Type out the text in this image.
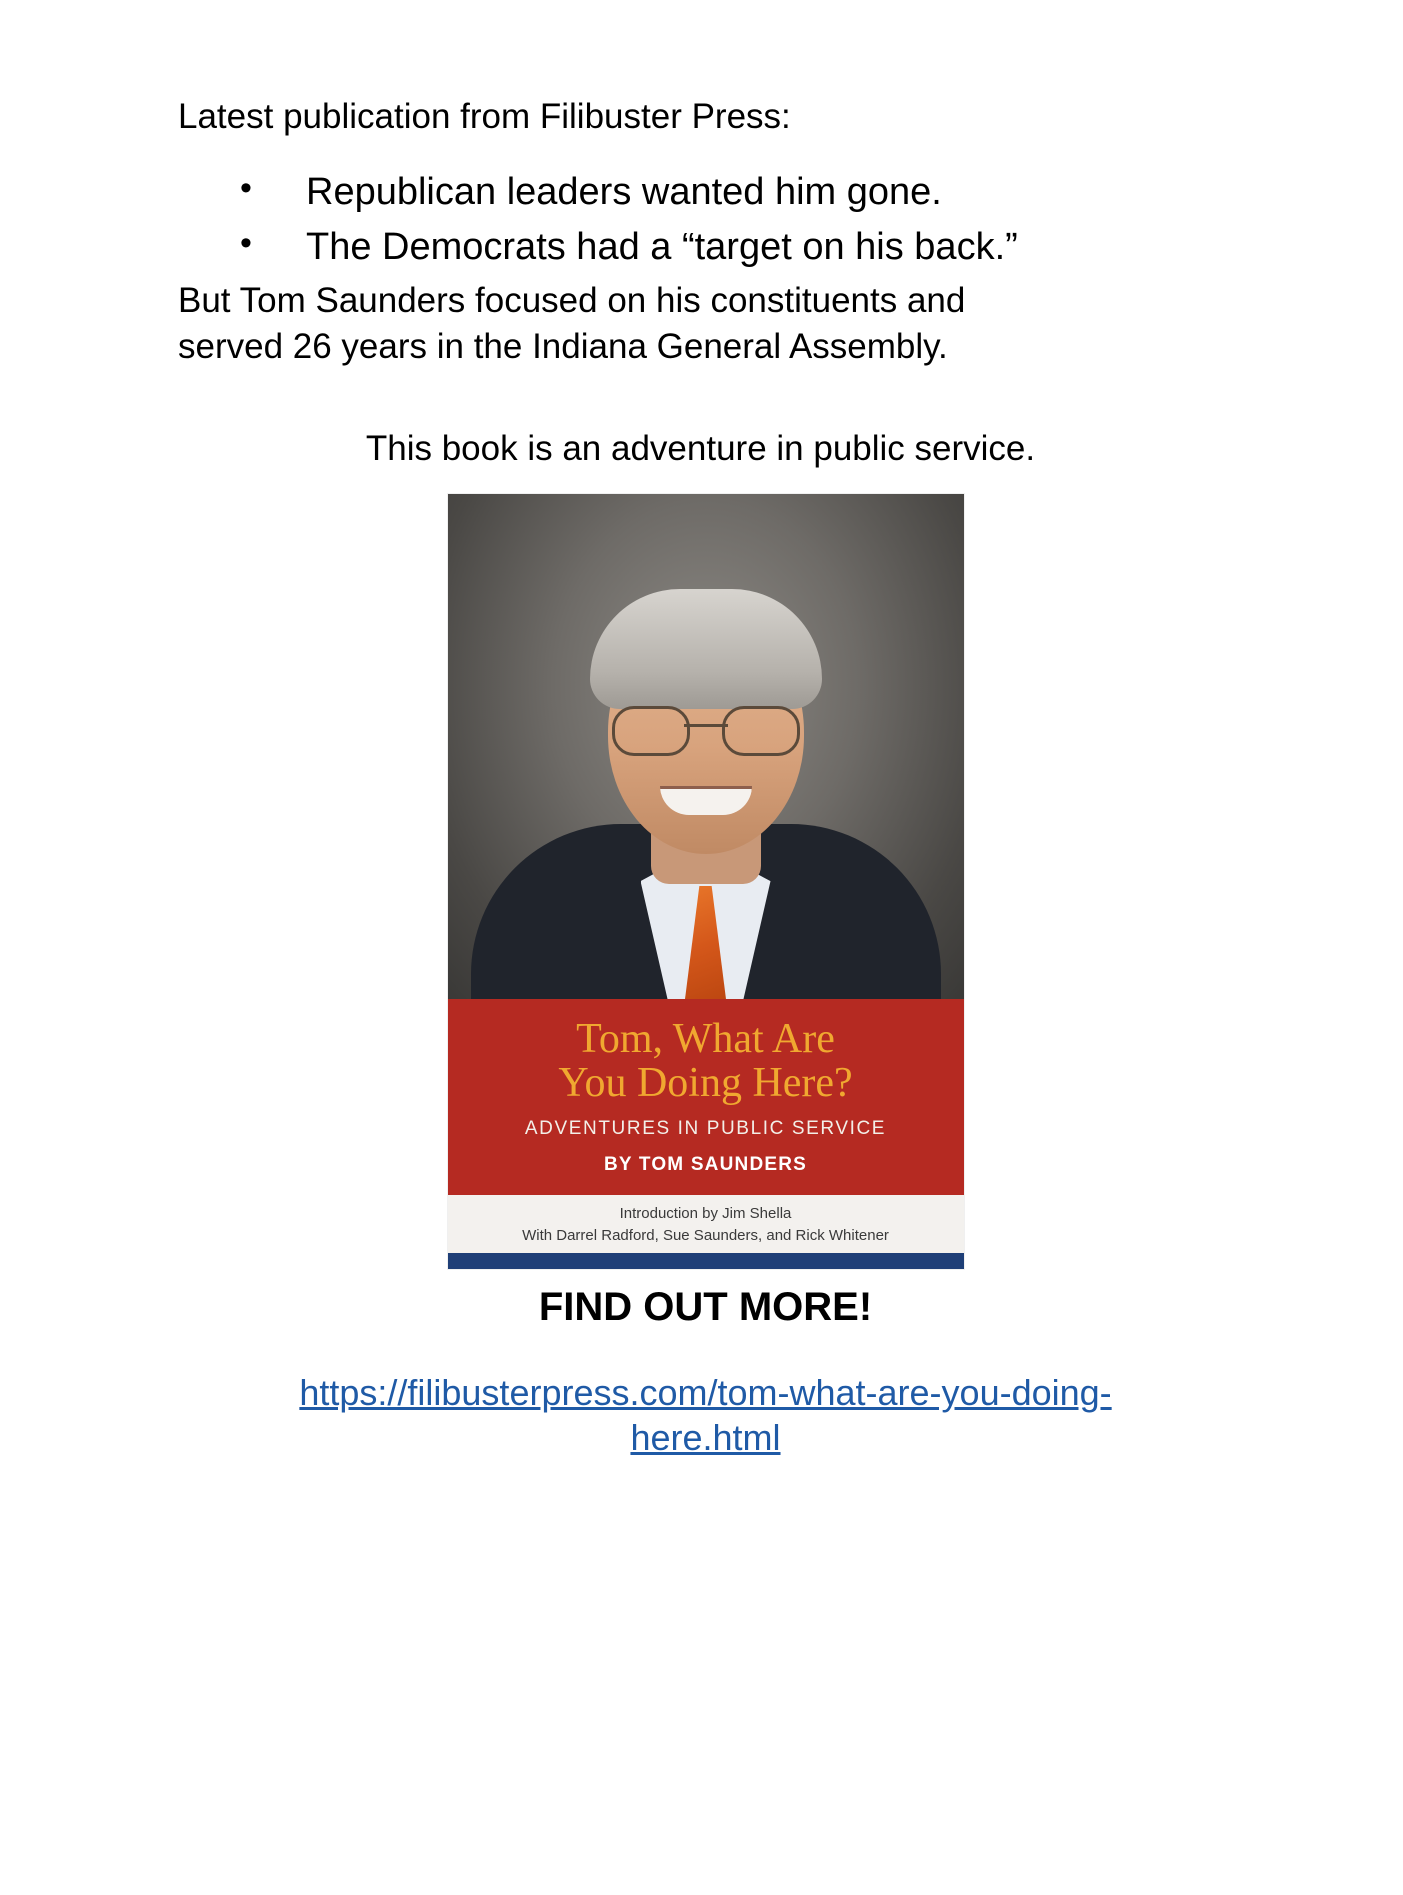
Latest publication from Filibuster Press:

• Republican leaders wanted him gone.
• The Democrats had a “target on his back.”

But Tom Saunders focused on his constituents and

served 26 years in the Indiana General Assembly.

This book is an adventure in public service.

Tom, What Are

You Doing Here?

ADVENTURES IN PUBLIC SERVICE

BY TOM SAUNDERS

Introduction by Jim Shella
With Darrel Radford, Sue Saunders, and Rick Whitener

FIND OUT MORE!

https://filibusterpress.com/tom-what-are-you-doing-here.html
